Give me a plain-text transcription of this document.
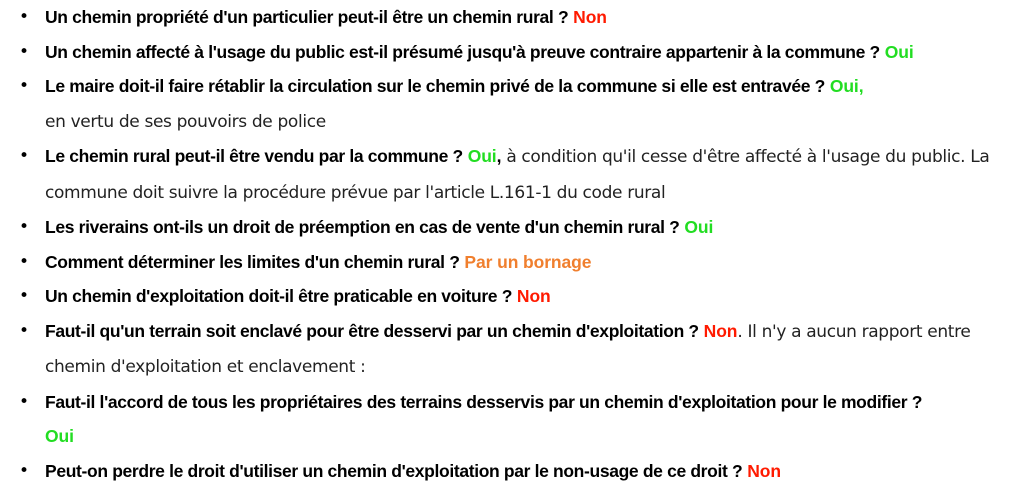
• Un chemin propriété d'un particulier peut-il être un chemin rural ? Non
• Un chemin affecté à l'usage du public est-il présumé jusqu'à preuve contraire appartenir à la commune ? Oui
• Le maire doit-il faire rétablir la circulation sur le chemin privé de la commune si elle est entravée ? Oui,
en vertu de ses pouvoirs de police
• Le chemin rural peut-il être vendu par la commune ? Oui, à condition qu'il cesse d'être affecté à l'usage du public. La commune doit suivre la procédure prévue par l'article L.161-1 du code rural
• Les riverains ont-ils un droit de préemption en cas de vente d'un chemin rural ? Oui
• Comment déterminer les limites d'un chemin rural ? Par un bornage
• Un chemin d'exploitation doit-il être praticable en voiture ? Non
• Faut-il qu'un terrain soit enclavé pour être desservi par un chemin d'exploitation ? Non. Il n'y a aucun rapport entre chemin d'exploitation et enclavement :
• Faut-il l'accord de tous les propriétaires des terrains desservis par un chemin d'exploitation pour le modifier ?
Oui
• Peut-on perdre le droit d'utiliser un chemin d'exploitation par le non-usage de ce droit ? Non
